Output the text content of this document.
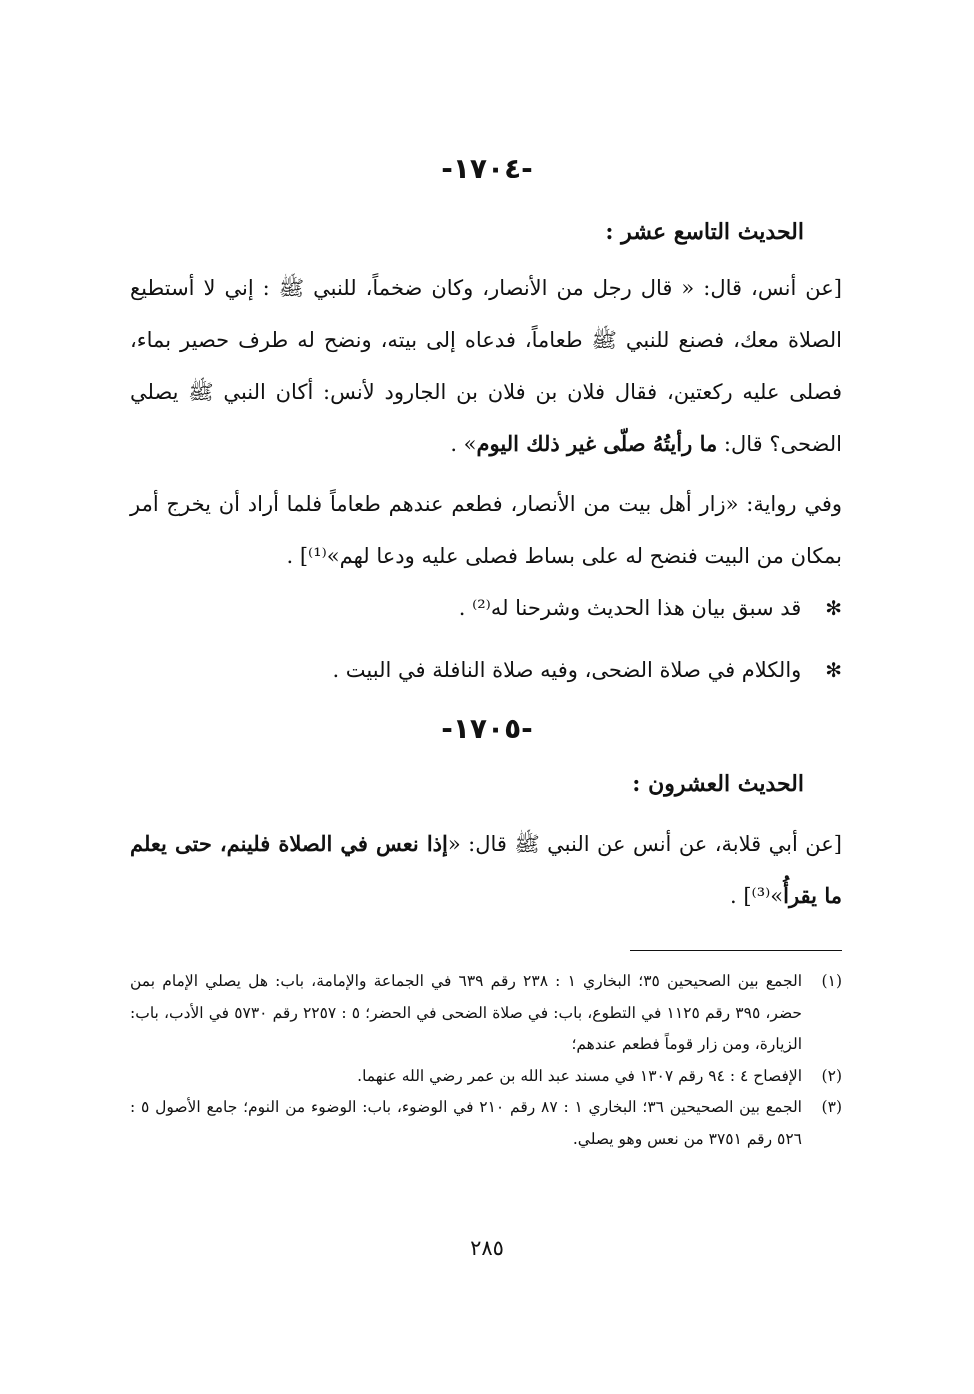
-١٧٠٤-
الحديث التاسع عشر :
[عن أنس، قال: « قال رجل من الأنصار، وكان ضخماً، للنبي ﷺ : إني لا أستطيع الصلاة معك، فصنع للنبي ﷺ طعاماً، فدعاه إلى بيته، ونضح له طرف حصير بماء، فصلى عليه ركعتين، فقال فلان بن فلان بن الجارود لأنس: أكان النبي ﷺ يصلي الضحى؟ قال: ما رأيتُهُ صلّى غير ذلك اليوم» .
وفي رواية: «زار أهل بيت من الأنصار، فطعم عندهم طعاماً فلما أراد أن يخرج أمر بمكان من البيت فنضح له على بساط فصلى عليه ودعا لهم»⁽¹⁾] .
✻ قد سبق بيان هذا الحديث وشرحنا له⁽²⁾ .
✻ والكلام في صلاة الضحى، وفيه صلاة النافلة في البيت .
-١٧٠٥-
الحديث العشرون :
[عن أبي قلابة، عن أنس عن النبي ﷺ قال: «إذا نعس في الصلاة فلينم، حتى يعلم ما يقرأُ»⁽³⁾] .
(١)
الجمع بين الصحيحين ٣٥؛ البخاري ١ : ٢٣٨ رقم ٦٣٩ في الجماعة والإمامة، باب: هل يصلي الإمام بمن حضر، ٣٩٥ رقم ١١٢٥ في التطوع، باب: في صلاة الضحى في الحضر؛ ٥ : ٢٢٥٧ رقم ٥٧٣٠ في الأدب، باب: الزيارة، ومن زار قوماً فطعم عندهم؛
(٢)
الإفصاح ٤ : ٩٤ رقم ١٣٠٧ في مسند عبد الله بن عمر رضي الله عنهما.
(٣)
الجمع بين الصحيحين ٣٦؛ البخاري ١ : ٨٧ رقم ٢١٠ في الوضوء، باب: الوضوء من النوم؛ جامع الأصول ٥ : ٥٢٦ رقم ٣٧٥١ من نعس وهو يصلي.
٢٨٥
